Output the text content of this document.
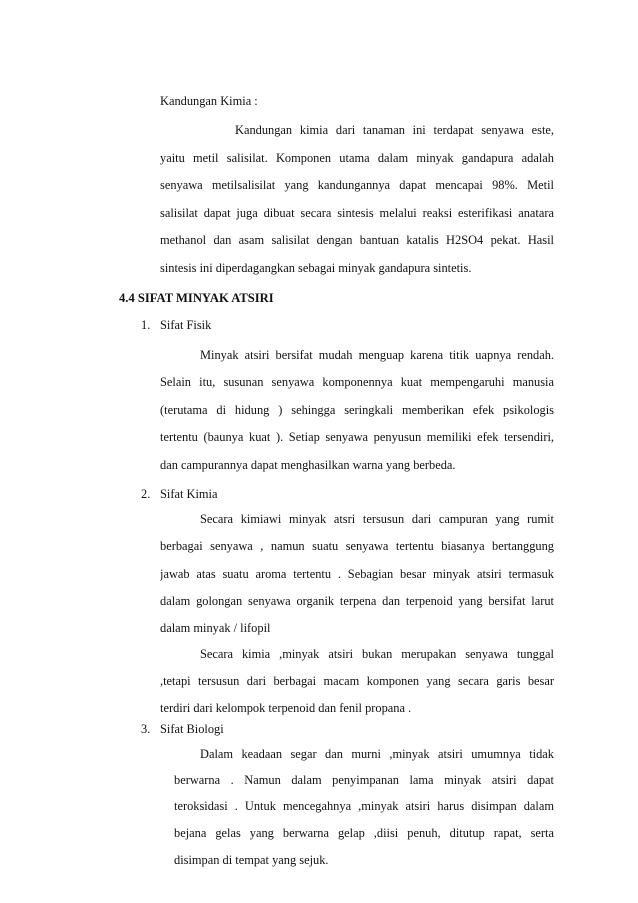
Kandungan Kimia :
Kandungan kimia dari tanaman ini terdapat senyawa este,
yaitu metil salisilat. Komponen utama dalam minyak gandapura adalah
senyawa metilsalisilat yang kandungannya dapat mencapai 98%. Metil
salisilat dapat juga dibuat secara sintesis melalui reaksi esterifikasi anatara
methanol dan asam salisilat dengan bantuan katalis H2SO4 pekat. Hasil
sintesis ini diperdagangkan sebagai minyak gandapura sintetis.
4.4 SIFAT MINYAK ATSIRI
1. Sifat Fisik
Minyak atsiri bersifat mudah menguap karena titik uapnya rendah.
Selain itu, susunan senyawa komponennya kuat mempengaruhi manusia
(terutama di hidung ) sehingga seringkali memberikan efek psikologis
tertentu (baunya kuat ). Setiap senyawa penyusun memiliki efek tersendiri,
dan campurannya dapat menghasilkan warna yang berbeda.
2. Sifat Kimia
Secara kimiawi minyak atsri tersusun dari campuran yang rumit
berbagai senyawa , namun suatu senyawa tertentu biasanya bertanggung
jawab atas suatu aroma tertentu . Sebagian besar minyak atsiri termasuk
dalam golongan senyawa organik terpena dan terpenoid yang bersifat larut
dalam minyak / lifopil
Secara kimia ,minyak atsiri bukan merupakan senyawa tunggal
,tetapi tersusun dari berbagai macam komponen yang secara garis besar
terdiri dari kelompok terpenoid dan fenil propana .
3. Sifat Biologi
Dalam keadaan segar dan murni ,minyak atsiri umumnya tidak
berwarna . Namun dalam penyimpanan lama minyak atsiri dapat
teroksidasi . Untuk mencegahnya ,minyak atsiri harus disimpan dalam
bejana gelas yang berwarna gelap ,diisi penuh, ditutup rapat, serta
disimpan di tempat yang sejuk.
